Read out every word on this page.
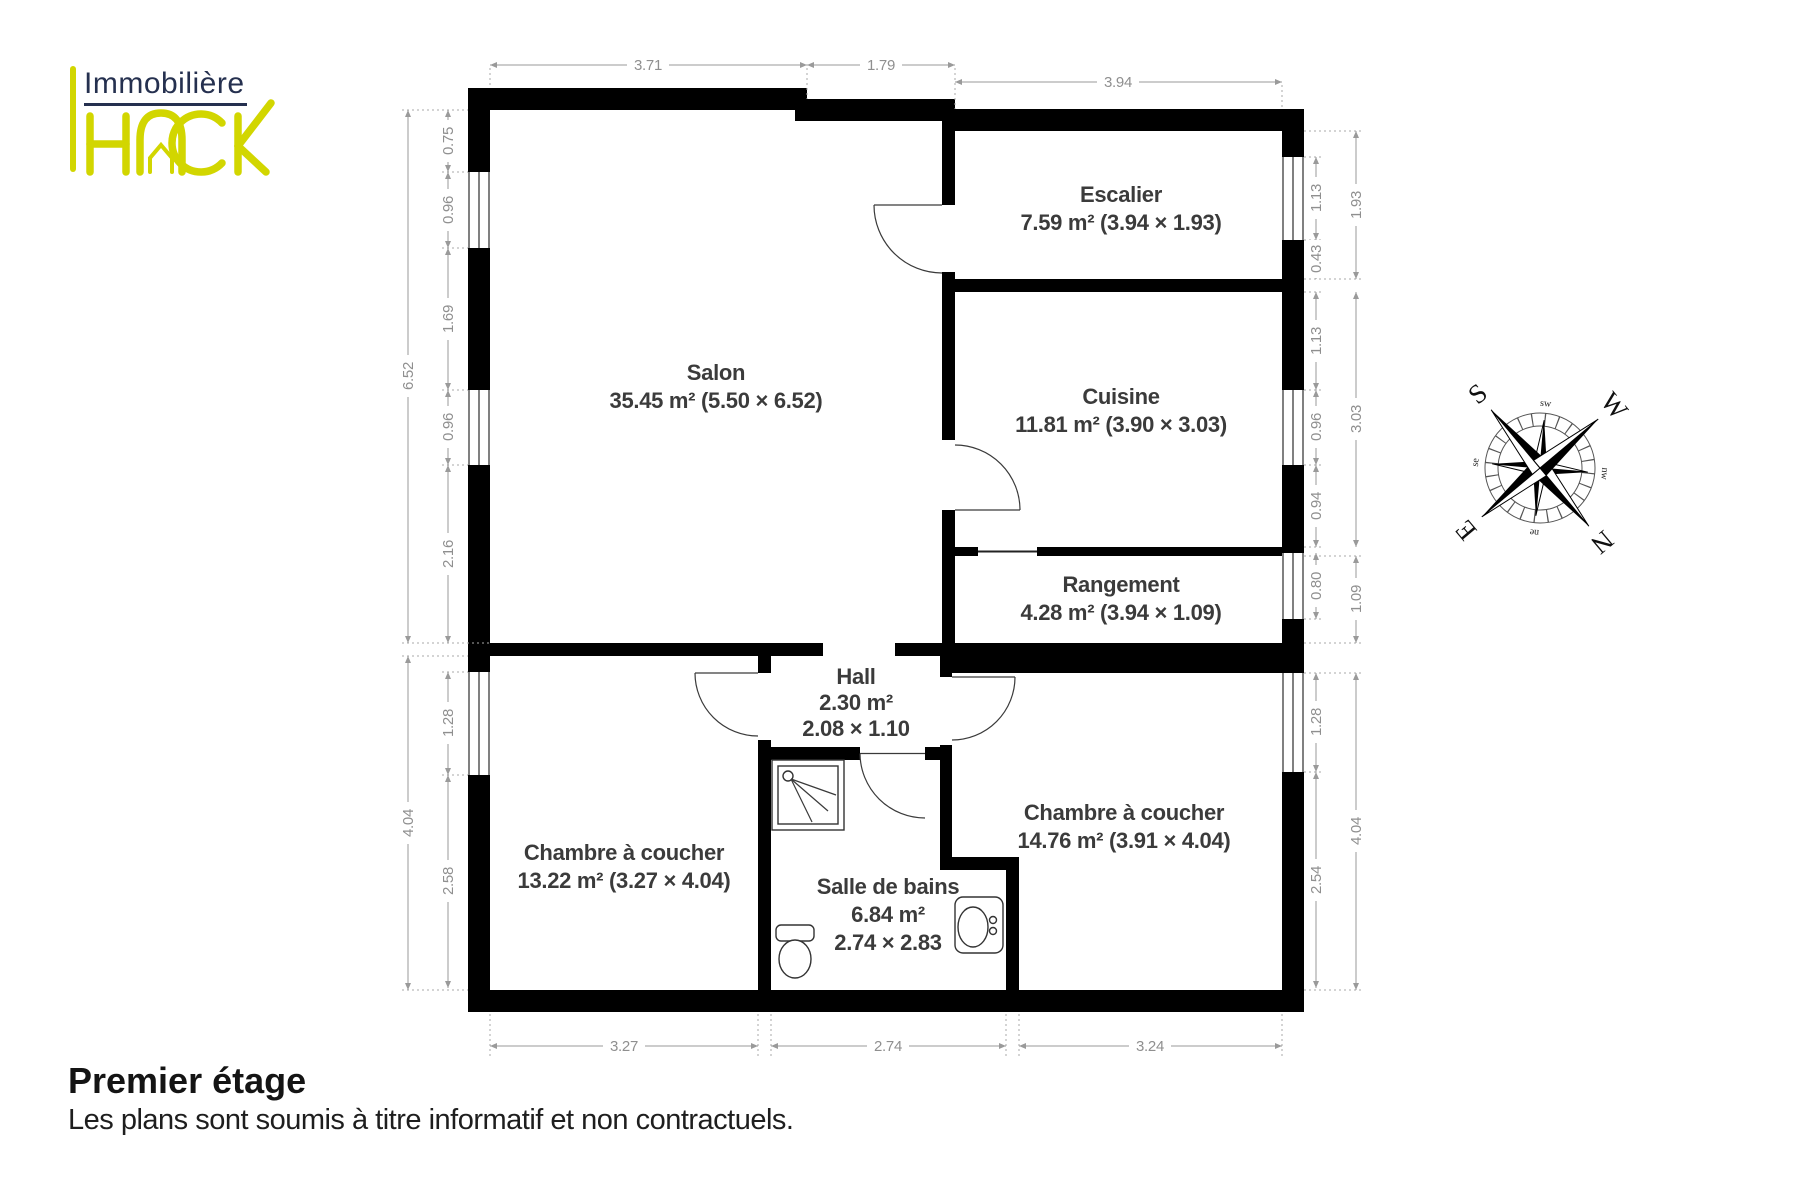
Immobilière
Salon
35.45 m² (5.50 × 6.52)
Escalier
7.59 m² (3.94 × 1.93)
Cuisine
11.81 m² (3.90 × 3.03)
Rangement
4.28 m² (3.94 × 1.09)
Hall
2.30 m²
2.08 × 1.10
Chambre à coucher
13.22 m² (3.27 × 4.04)	Salle de bains
6.84 m²
2.74 × 2.83
Chambre à coucher
14.76 m² (3.91 × 4.04)
3.71	1.79
3.94
3.27	2.74	3.24
6.52
4.04
0.75
0.96
1.69
0.96
2.16
1.28
2.58
1.13
0.43
1.13
0.96
0.94
0.80
1.28
2.54
1.93
3.03
1.09
4.04
N
E
S	W
ne
se
sw
nw
Premier étage
Les plans sont soumis à titre informatif et non contractuels.
